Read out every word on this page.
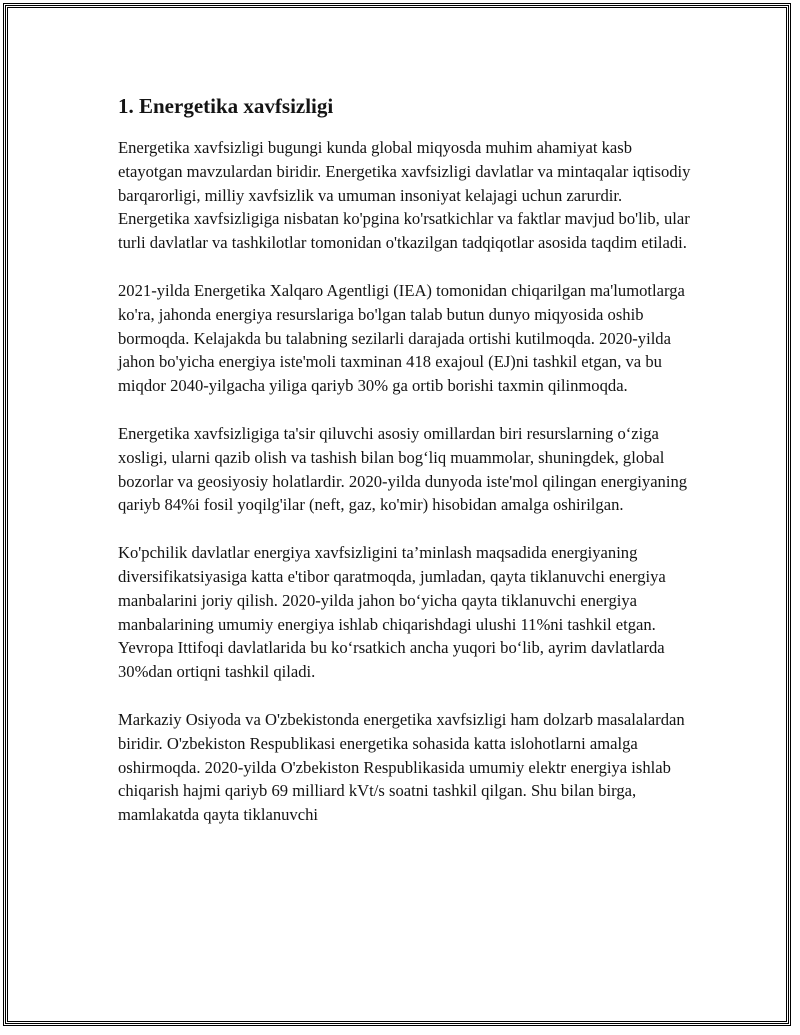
1. Energetika xavfsizligi

Energetika xavfsizligi bugungi kunda global miqyosda muhim ahamiyat kasb etayotgan mavzulardan biridir. Energetika xavfsizligi davlatlar va mintaqalar iqtisodiy barqarorligi, milliy xavfsizlik va umuman insoniyat kelajagi uchun zarurdir. Energetika xavfsizligiga nisbatan ko'pgina ko'rsatkichlar va faktlar mavjud bo'lib, ular turli davlatlar va tashkilotlar tomonidan o'tkazilgan tadqiqotlar asosida taqdim etiladi.

2021-yilda Energetika Xalqaro Agentligi (IEA) tomonidan chiqarilgan ma'lumotlarga ko'ra, jahonda energiya resurslariga bo'lgan talab butun dunyo miqyosida oshib bormoqda. Kelajakda bu talabning sezilarli darajada ortishi kutilmoqda. 2020-yilda jahon bo'yicha energiya iste'moli taxminan 418 exajoul (EJ)ni tashkil etgan, va bu miqdor 2040-yilgacha yiliga qariyb 30% ga ortib borishi taxmin qilinmoqda.

Energetika xavfsizligiga ta'sir qiluvchi asosiy omillardan biri resurslarning o‘ziga xosligi, ularni qazib olish va tashish bilan bog‘liq muammolar, shuningdek, global bozorlar va geosiyosiy holatlardir. 2020-yilda dunyoda iste'mol qilingan energiyaning qariyb 84%i fosil yoqilg'ilar (neft, gaz, ko'mir) hisobidan amalga oshirilgan.

Ko'pchilik davlatlar energiya xavfsizligini ta’minlash maqsadida energiyaning diversifikatsiyasiga katta e'tibor qaratmoqda, jumladan, qayta tiklanuvchi energiya manbalarini joriy qilish. 2020-yilda jahon bo‘yicha qayta tiklanuvchi energiya manbalarining umumiy energiya ishlab chiqarishdagi ulushi 11%ni tashkil etgan. Yevropa Ittifoqi davlatlarida bu ko‘rsatkich ancha yuqori bo‘lib, ayrim davlatlarda 30%dan ortiqni tashkil qiladi.

Markaziy Osiyoda va O'zbekistonda energetika xavfsizligi ham dolzarb masalalardan biridir. O'zbekiston Respublikasi energetika sohasida katta islohotlarni amalga oshirmoqda. 2020-yilda O'zbekiston Respublikasida umumiy elektr energiya ishlab chiqarish hajmi qariyb 69 milliard kVt/s soatni tashkil qilgan. Shu bilan birga, mamlakatda qayta tiklanuvchi
